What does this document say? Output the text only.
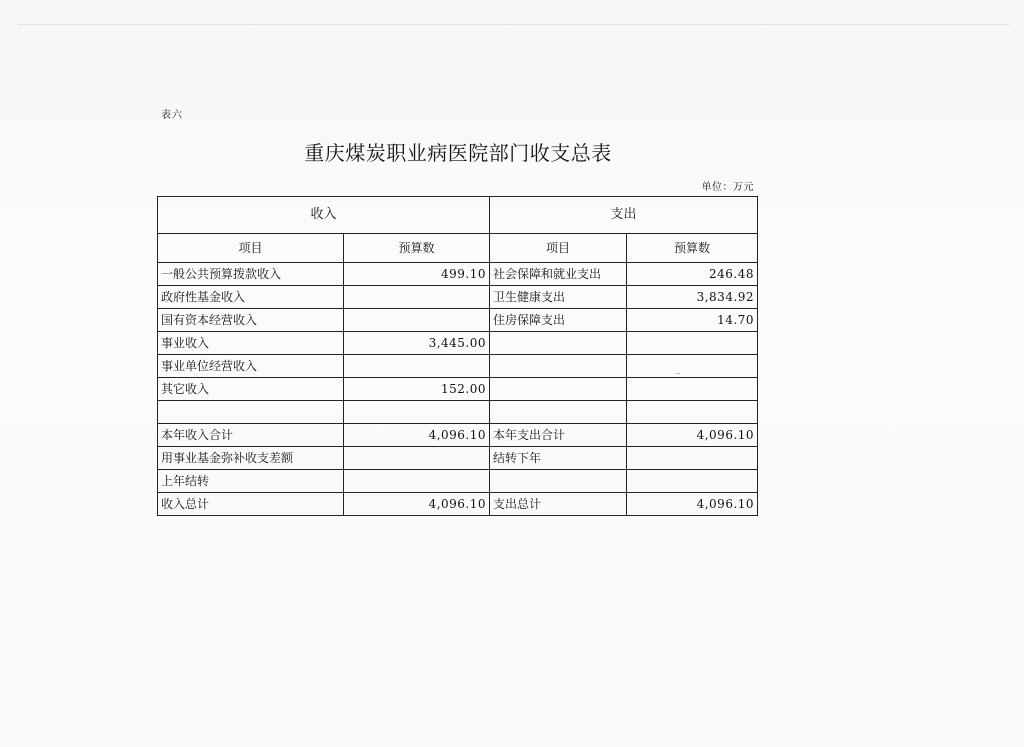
表六
重庆煤炭职业病医院部门收支总表
单位：万元
收入		支出	
项目	预算数	项目	预算数
一般公共预算拨款收入	499.10	社会保障和就业支出	246.48
政府性基金收入		卫生健康支出	3,834.92
国有资本经营收入		住房保障支出	14.70
事业收入	3,445.00		
事业单位经营收入			
其它收入	152.00		

本年收入合计	4,096.10	本年支出合计	4,096.10
用事业基金弥补收支差额		结转下年	
上年结转			
收入总计	4,096.10	支出总计	4,096.10
